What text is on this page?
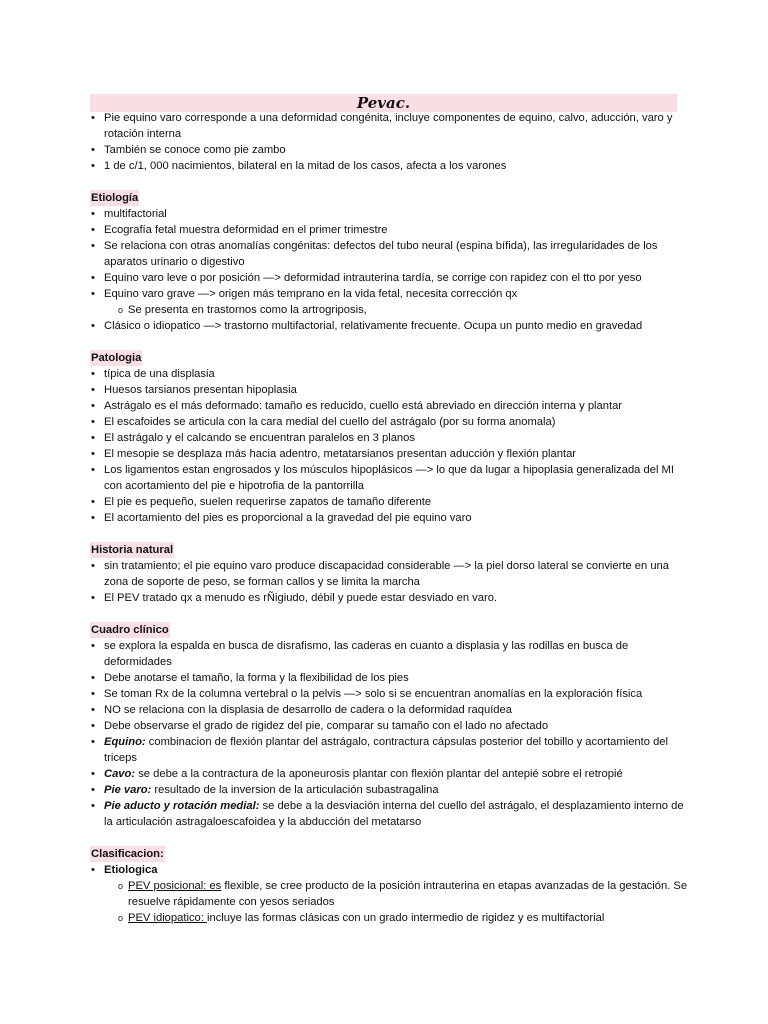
Pevac.
• Pie equino varo corresponde a una deformidad congénita, incluye componentes de equino, calvo, aducción, varo y rotación interna
• También se conoce como pie zambo
• 1 de c/1, 000 nacimientos, bilateral en la mitad de los casos, afecta a los varones
Etiología
• multifactorial
• Ecografía fetal muestra deformidad en el primer trimestre
• Se relaciona con otras anomalías congénitas: defectos del tubo neural (espina bífida), las irregularidades de los aparatos urinario o digestivo
• Equino varo leve o por posición —> deformidad intrauterina tardía, se corrige con rapidez con el tto por yeso
• Equino varo grave —> origen más temprano en la vida fetal, necesita corrección qx
o Se presenta en trastornos como la artrogriposis,
• Clásico o idiopatico —> trastorno multifactorial, relativamente frecuente. Ocupa un punto medio en gravedad
Patologia
• típica de una displasia
• Huesos tarsianos presentan hipoplasia
• Astrágalo es el más deformado: tamaño es reducido, cuello está abreviado en dirección interna y plantar
• El escafoides se articula con la cara medial del cuello del astrágalo (por su forma anomala)
• El astrágalo y el calcando se encuentran paralelos en 3 planos
• El mesopie se desplaza más hacia adentro, metatarsianos presentan aducción y flexión plantar
• Los ligamentos estan engrosados y los músculos hipoplásicos —> lo que da lugar a hipoplasia generalizada del MI con acortamiento del pie e hipotrofia de la pantorrilla
• El pie es pequeño, suelen requerirse zapatos de tamaño diferente
• El acortamiento del pies es proporcional a la gravedad del pie equino varo
Historia natural
• sin tratamiento; el pie equino varo produce discapacidad considerable —> la piel dorso lateral se convierte en una zona de soporte de peso, se forman callos y se limita la marcha
• El PEV tratado qx a menudo es rÑigiudo, débil y puede estar desviado en varo.
Cuadro clínico
• se explora la espalda en busca de disrafismo, las caderas en cuanto a displasia y las rodillas en busca de deformidades
• Debe anotarse el tamaño, la forma y la flexibilidad de los pies
• Se toman Rx de la columna vertebral o la pelvis —> solo si se encuentran anomalías en la exploración física
• NO se relaciona con la displasia de desarrollo de cadera o la deformidad raquídea
• Debe observarse el grado de rigidez del pie, comparar su tamaño con el lado no afectado
• Equino: combinacion de flexión plantar del astrágalo, contractura cápsulas posterior del tobillo y acortamiento del triceps
• Cavo: se debe a la contractura de la aponeurosis plantar con flexión plantar del antepié sobre el retropié
• Pie varo: resultado de la inversion de la articulación subastragalina
• Pie aducto y rotación medial: se debe a la desviación interna del cuello del astrágalo, el desplazamiento interno de la articulación astragaloescafoidea y la abducción del metatarso
Clasificacion:
• Etiologica
o PEV posicional: es flexible, se cree producto de la posición intrauterina en etapas avanzadas de la gestación. Se resuelve rápidamente con yesos seriados
o PEV idiopatico: incluye las formas clásicas con un grado intermedio de rigidez y es multifactorial
